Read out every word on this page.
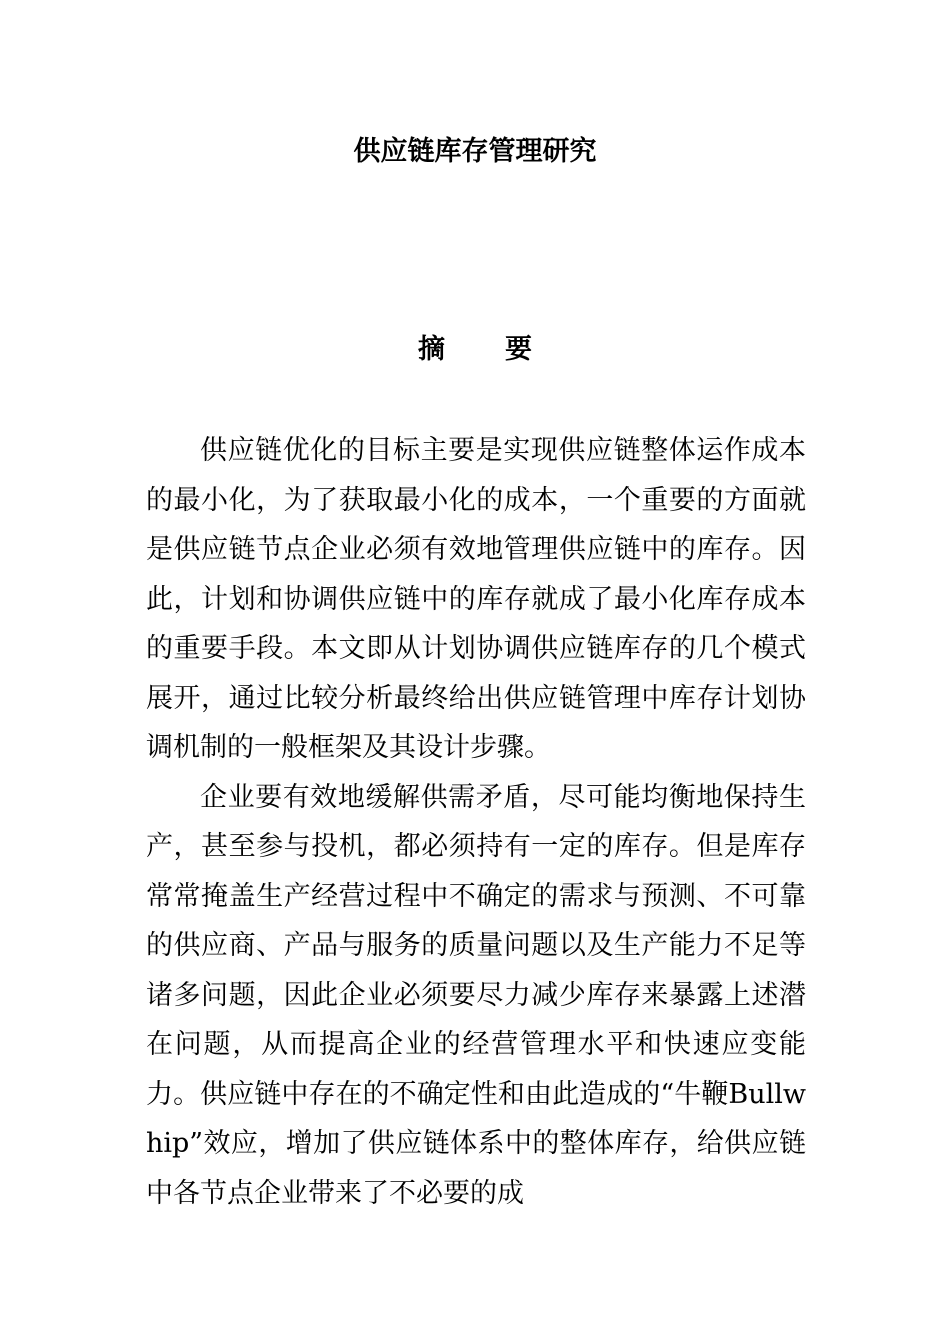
供应链库存管理研究
摘 要

供应链优化的目标主要是实现供应链整体运作成本的最小化，为了获取最小化的成本，一个重要的方面就是供应链节点企业必须有效地管理供应链中的库存。因此，计划和协调供应链中的库存就成了最小化库存成本的重要手段。本文即从计划协调供应链库存的几个模式展开，通过比较分析最终给出供应链管理中库存计划协调机制的一般框架及其设计步骤。

企业要有效地缓解供需矛盾，尽可能均衡地保持生产，甚至参与投机，都必须持有一定的库存。但是库存常常掩盖生产经营过程中不确定的需求与预测、不可靠的供应商、产品与服务的质量问题以及生产能力不足等诸多问题，因此企业必须要尽力减少库存来暴露上述潜在问题，从而提高企业的经营管理水平和快速应变能力。供应链中存在的不确定性和由此造成的“牛鞭Bullwhip”效应，增加了供应链体系中的整体库存，给供应链中各节点企业带来了不必要的成
